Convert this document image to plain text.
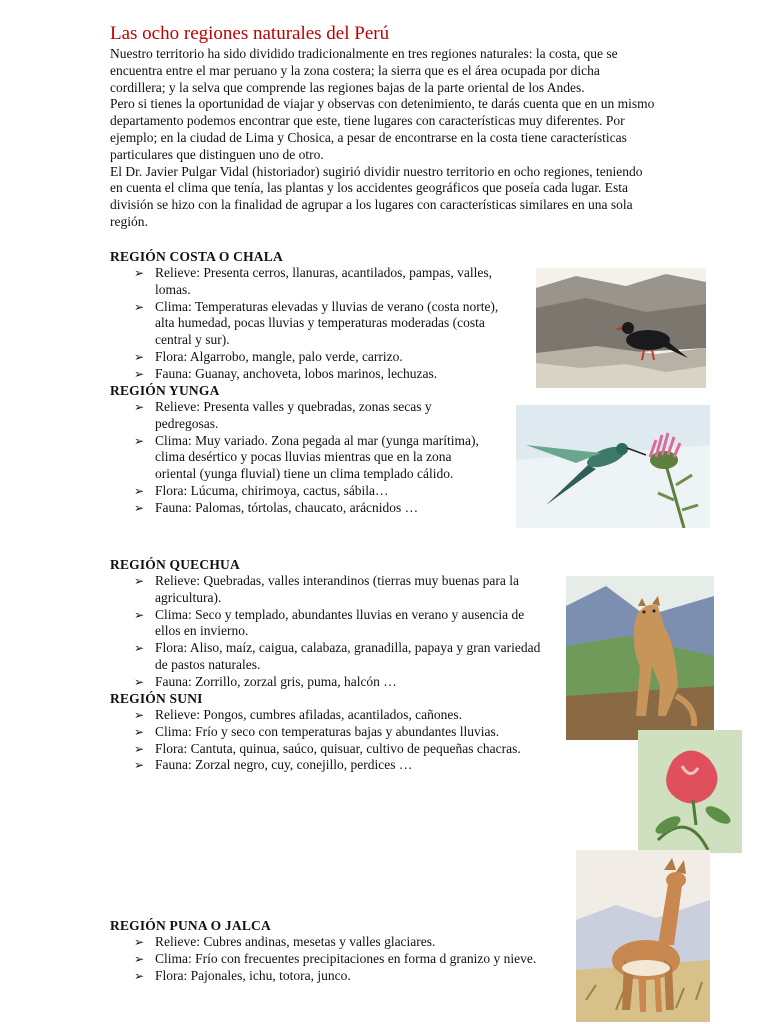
Las ocho regiones naturales del Perú

Nuestro territorio ha sido dividido tradicionalmente en tres regiones naturales: la costa, que se encuentra entre el mar peruano y la zona costera; la sierra que es el área ocupada por dicha cordillera; y la selva que comprende las regiones bajas de la parte oriental de los Andes.

Pero si tienes la oportunidad de viajar y observas con detenimiento, te darás cuenta que en un mismo departamento podemos encontrar que este, tiene lugares con características muy diferentes. Por ejemplo; en la ciudad de Lima y Chosica, a pesar de encontrarse en la costa tiene características particulares que distinguen uno de otro.

El Dr. Javier Pulgar Vidal (historiador) sugirió dividir nuestro territorio en ocho regiones, teniendo en cuenta el clima que tenía, las plantas y los accidentes geográficos que poseía cada lugar. Esta división se hizo con la finalidad de agrupar a los lugares con características similares en una sola región.

REGIÓN COSTA O CHALA
➢ Relieve: Presenta cerros, llanuras, acantilados, pampas, valles, lomas.
➢ Clima: Temperaturas elevadas y lluvias de verano (costa norte), alta humedad, pocas lluvias y temperaturas moderadas (costa central y sur).
➢ Flora: Algarrobo, mangle, palo verde, carrizo.
➢ Fauna: Guanay, anchoveta, lobos marinos, lechuzas.
REGIÓN YUNGA
➢ Relieve: Presenta valles y quebradas, zonas secas y pedregosas.
➢ Clima: Muy variado. Zona pegada al mar (yunga marítima), clima desértico y pocas lluvias mientras que en la zona oriental (yunga fluvial) tiene un clima templado cálido.
➢ Flora: Lúcuma, chirimoya, cactus, sábila…
➢ Fauna: Palomas, tórtolas, chaucato, arácnidos …
REGIÓN QUECHUA
➢ Relieve: Quebradas, valles interandinos (tierras muy buenas para la agricultura).
➢ Clima: Seco y templado, abundantes lluvias en verano y ausencia de ellos en invierno.
➢ Flora: Aliso, maíz, caigua, calabaza, granadilla, papaya y gran variedad de pastos naturales.
➢ Fauna: Zorrillo, zorzal gris, puma, halcón …
REGIÓN SUNI
➢ Relieve: Pongos, cumbres afiladas, acantilados, cañones.
➢ Clima: Frío y seco con temperaturas bajas y abundantes lluvias.
➢ Flora: Cantuta, quinua, saúco, quisuar, cultivo de pequeñas chacras.
➢ Fauna: Zorzal negro, cuy, conejillo, perdices …
REGIÓN PUNA O JALCA
➢ Relieve: Cubres andinas, mesetas y valles glaciares.
➢ Clima: Frío con frecuentes precipitaciones en forma d granizo y nieve.
➢ Flora: Pajonales, ichu, totora, junco.
